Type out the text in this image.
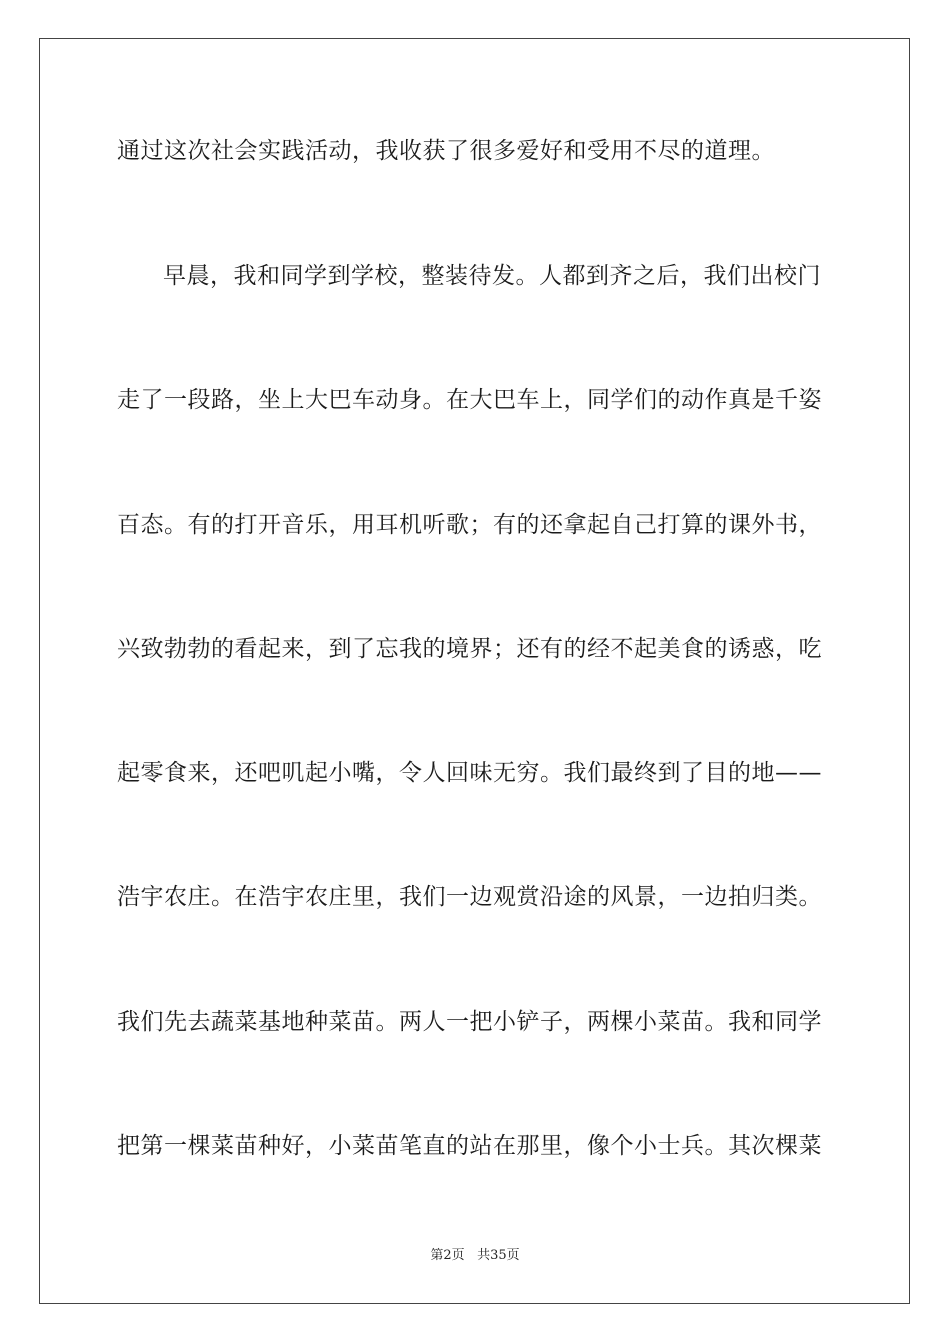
通过这次社会实践活动，我收获了很多爱好和受用不尽的道理。
早晨，我和同学到学校，整装待发。人都到齐之后，我们出校门
走了一段路，坐上大巴车动身。在大巴车上，同学们的动作真是千姿
百态。有的打开音乐，用耳机听歌；有的还拿起自己打算的课外书，
兴致勃勃的看起来，到了忘我的境界；还有的经不起美食的诱惑，吃
起零食来，还吧叽起小嘴，令人回味无穷。我们最终到了目的地——
浩宇农庄。在浩宇农庄里，我们一边观赏沿途的风景，一边拍归类。
我们先去蔬菜基地种菜苗。两人一把小铲子，两棵小菜苗。我和同学
把第一棵菜苗种好，小菜苗笔直的站在那里，像个小士兵。其次棵菜
第2页 共35页
